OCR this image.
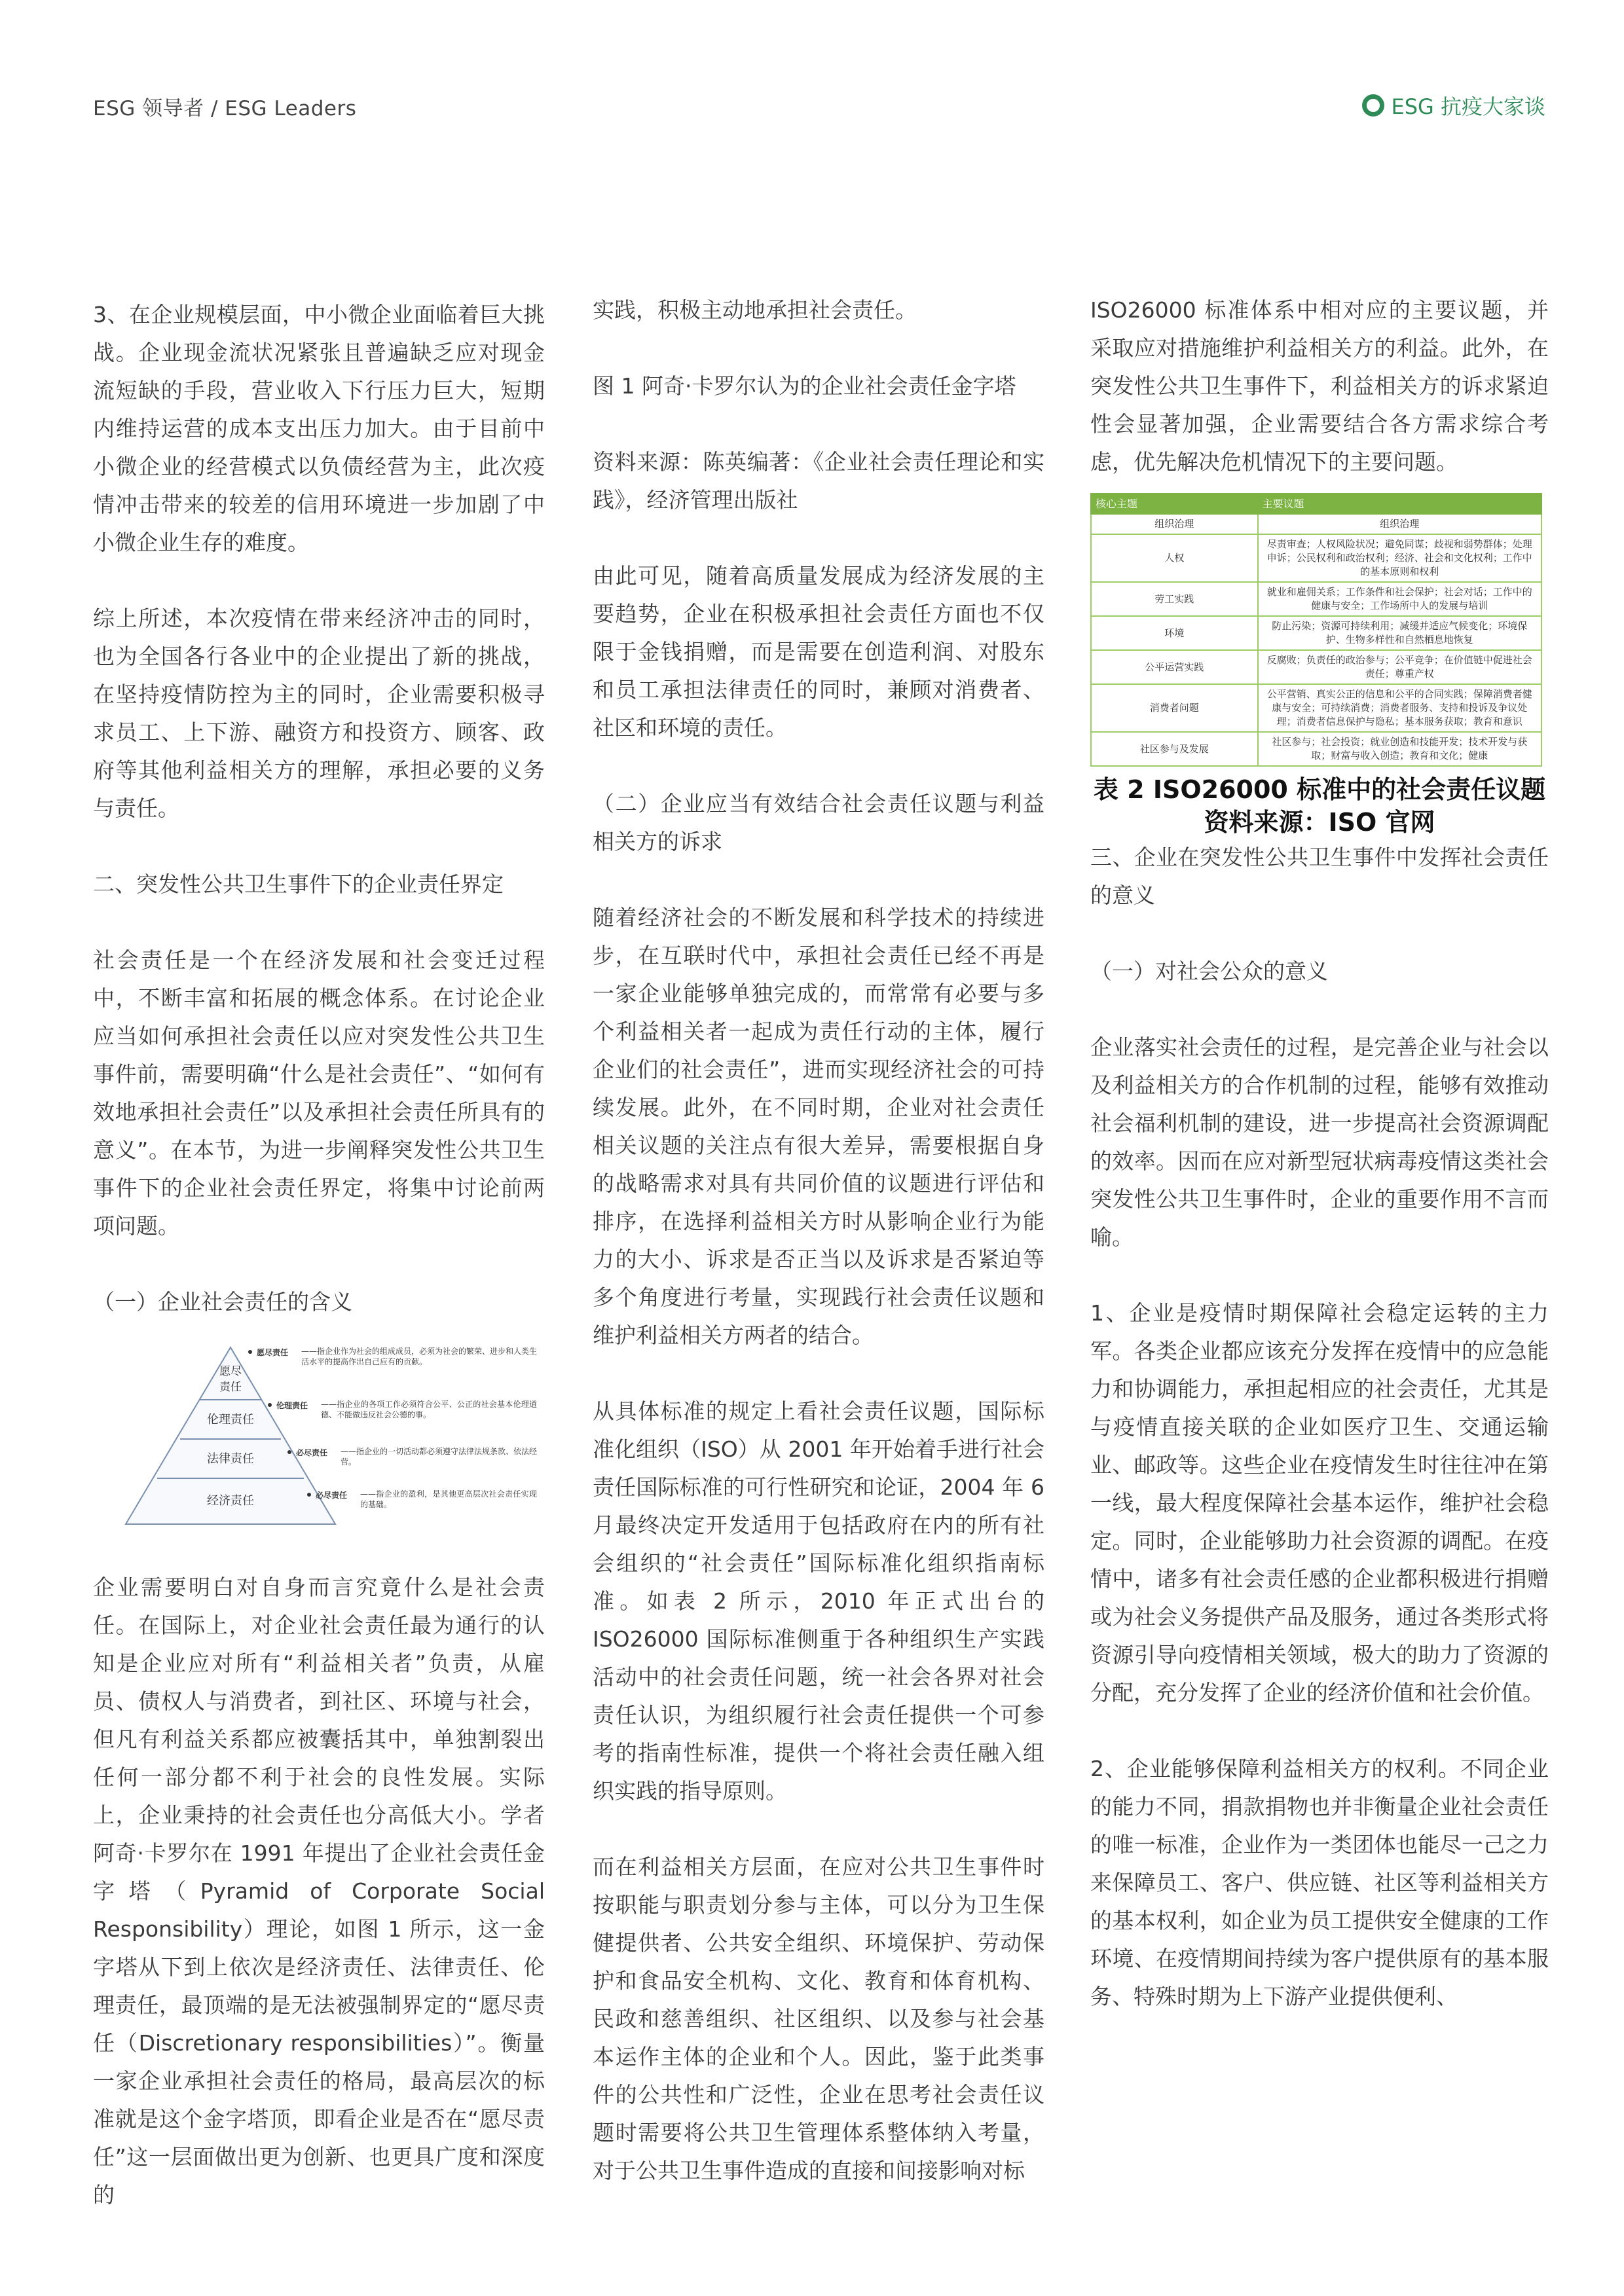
ESG 领导者 / ESG Leaders	ESG 抗疫大家谈

3、在企业规模层面，中小微企业面临着巨大挑战。企业现金流状况紧张且普遍缺乏应对现金流短缺的手段，营业收入下行压力巨大，短期内维持运营的成本支出压力加大。由于目前中小微企业的经营模式以负债经营为主，此次疫情冲击带来的较差的信用环境进一步加剧了中小微企业生存的难度。

综上所述，本次疫情在带来经济冲击的同时，也为全国各行各业中的企业提出了新的挑战，在坚持疫情防控为主的同时，企业需要积极寻求员工、上下游、融资方和投资方、顾客、政府等其他利益相关方的理解，承担必要的义务与责任。

二、突发性公共卫生事件下的企业责任界定

社会责任是一个在经济发展和社会变迁过程中，不断丰富和拓展的概念体系。在讨论企业应当如何承担社会责任以应对突发性公共卫生事件前，需要明确“什么是社会责任”、“如何有效地承担社会责任”以及承担社会责任所具有的意义”。在本节，为进一步阐释突发性公共卫生事件下的企业社会责任界定，将集中讨论前两项问题。

（一）企业社会责任的含义

愿尽
责任
伦理责任
法律责任
经济责任
愿尽责任 ——指企业作为社会的组成成员，必须为社会的繁荣、进步和人类生活水平的提高作出自己应有的贡献。
伦理责任 ——指企业的各项工作必须符合公平、公正的社会基本伦理道德、不能做违反社会公德的事。
必尽责任 ——指企业的一切活动都必须遵守法律法规条款、依法经营。
必尽责任 ——指企业的盈利，是其他更高层次社会责任实现的基础。

企业需要明白对自身而言究竟什么是社会责任。在国际上，对企业社会责任最为通行的认知是企业应对所有“利益相关者”负责，从雇员、债权人与消费者，到社区、环境与社会，但凡有利益关系都应被囊括其中，单独割裂出任何一部分都不利于社会的良性发展。实际上，企业秉持的社会责任也分高低大小。学者阿奇·卡罗尔在 1991 年提出了企业社会责任金字塔（Pyramid of Corporate Social Responsibility）理论，如图 1 所示，这一金字塔从下到上依次是经济责任、法律责任、伦理责任，最顶端的是无法被强制界定的“愿尽责任（Discretionary responsibilities）”。衡量一家企业承担社会责任的格局，最高层次的标准就是这个金字塔顶，即看企业是否在“愿尽责任”这一层面做出更为创新、也更具广度和深度的

实践，积极主动地承担社会责任。

图 1 阿奇·卡罗尔认为的企业社会责任金字塔

资料来源：陈英编著：《企业社会责任理论和实践》，经济管理出版社

由此可见，随着高质量发展成为经济发展的主要趋势，企业在积极承担社会责任方面也不仅限于金钱捐赠，而是需要在创造利润、对股东和员工承担法律责任的同时，兼顾对消费者、社区和环境的责任。

（二）企业应当有效结合社会责任议题与利益相关方的诉求

随着经济社会的不断发展和科学技术的持续进步，在互联时代中，承担社会责任已经不再是一家企业能够单独完成的，而常常有必要与多个利益相关者一起成为责任行动的主体，履行企业们的社会责任”，进而实现经济社会的可持续发展。此外，在不同时期，企业对社会责任相关议题的关注点有很大差异，需要根据自身的战略需求对具有共同价值的议题进行评估和排序，在选择利益相关方时从影响企业行为能力的大小、诉求是否正当以及诉求是否紧迫等多个角度进行考量，实现践行社会责任议题和维护利益相关方两者的结合。

从具体标准的规定上看社会责任议题，国际标准化组织（ISO）从 2001 年开始着手进行社会责任国际标准的可行性研究和论证，2004 年 6 月最终决定开发适用于包括政府在内的所有社会组织的“社会责任”国际标准化组织指南标准。如表 2 所示，2010 年正式出台的 ISO26000 国际标准侧重于各种组织生产实践活动中的社会责任问题，统一社会各界对社会责任认识，为组织履行社会责任提供一个可参考的指南性标准，提供一个将社会责任融入组织实践的指导原则。

而在利益相关方层面，在应对公共卫生事件时按职能与职责划分参与主体，可以分为卫生保健提供者、公共安全组织、环境保护、劳动保护和食品安全机构、文化、教育和体育机构、民政和慈善组织、社区组织、以及参与社会基本运作主体的企业和个人。因此，鉴于此类事件的公共性和广泛性，企业在思考社会责任议题时需要将公共卫生管理体系整体纳入考量，对于公共卫生事件造成的直接和间接影响对标

ISO26000 标准体系中相对应的主要议题，并采取应对措施维护利益相关方的利益。此外，在突发性公共卫生事件下，利益相关方的诉求紧迫性会显著加强，企业需要结合各方需求综合考虑，优先解决危机情况下的主要问题。

核心主题	主要议题
组织治理	组织治理
人权	尽责审查；人权风险状况；避免同谋；歧视和弱势群体；处理申诉；公民权利和政治权利；经济、社会和文化权利；工作中的基本原则和权利
劳工实践	就业和雇佣关系；工作条件和社会保护；社会对话；工作中的健康与安全；工作场所中人的发展与培训
环境	防止污染；资源可持续利用；减缓并适应气候变化；环境保护、生物多样性和自然栖息地恢复
公平运营实践	反腐败；负责任的政治参与；公平竞争；在价值链中促进社会责任；尊重产权
消费者问题	公平营销、真实公正的信息和公平的合同实践；保障消费者健康与安全；可持续消费；消费者服务、支持和投诉及争议处理；消费者信息保护与隐私；基本服务获取；教育和意识
社区参与及发展	社区参与；社会投资；就业创造和技能开发；技术开发与获取；财富与收入创造；教育和文化；健康
表 2 ISO26000 标准中的社会责任议题
资料来源：ISO 官网

三、企业在突发性公共卫生事件中发挥社会责任的意义

（一）对社会公众的意义

企业落实社会责任的过程，是完善企业与社会以及利益相关方的合作机制的过程，能够有效推动社会福利机制的建设，进一步提高社会资源调配的效率。因而在应对新型冠状病毒疫情这类社会突发性公共卫生事件时，企业的重要作用不言而喻。

1、企业是疫情时期保障社会稳定运转的主力军。各类企业都应该充分发挥在疫情中的应急能力和协调能力，承担起相应的社会责任，尤其是与疫情直接关联的企业如医疗卫生、交通运输业、邮政等。这些企业在疫情发生时往往冲在第一线，最大程度保障社会基本运作，维护社会稳定。同时，企业能够助力社会资源的调配。在疫情中，诸多有社会责任感的企业都积极进行捐赠或为社会义务提供产品及服务，通过各类形式将资源引导向疫情相关领域，极大的助力了资源的分配，充分发挥了企业的经济价值和社会价值。

2、企业能够保障利益相关方的权利。不同企业的能力不同，捐款捐物也并非衡量企业社会责任的唯一标准，企业作为一类团体也能尽一己之力来保障员工、客户、供应链、社区等利益相关方的基本权利，如企业为员工提供安全健康的工作环境、在疫情期间持续为客户提供原有的基本服务、特殊时期为上下游产业提供便利、
